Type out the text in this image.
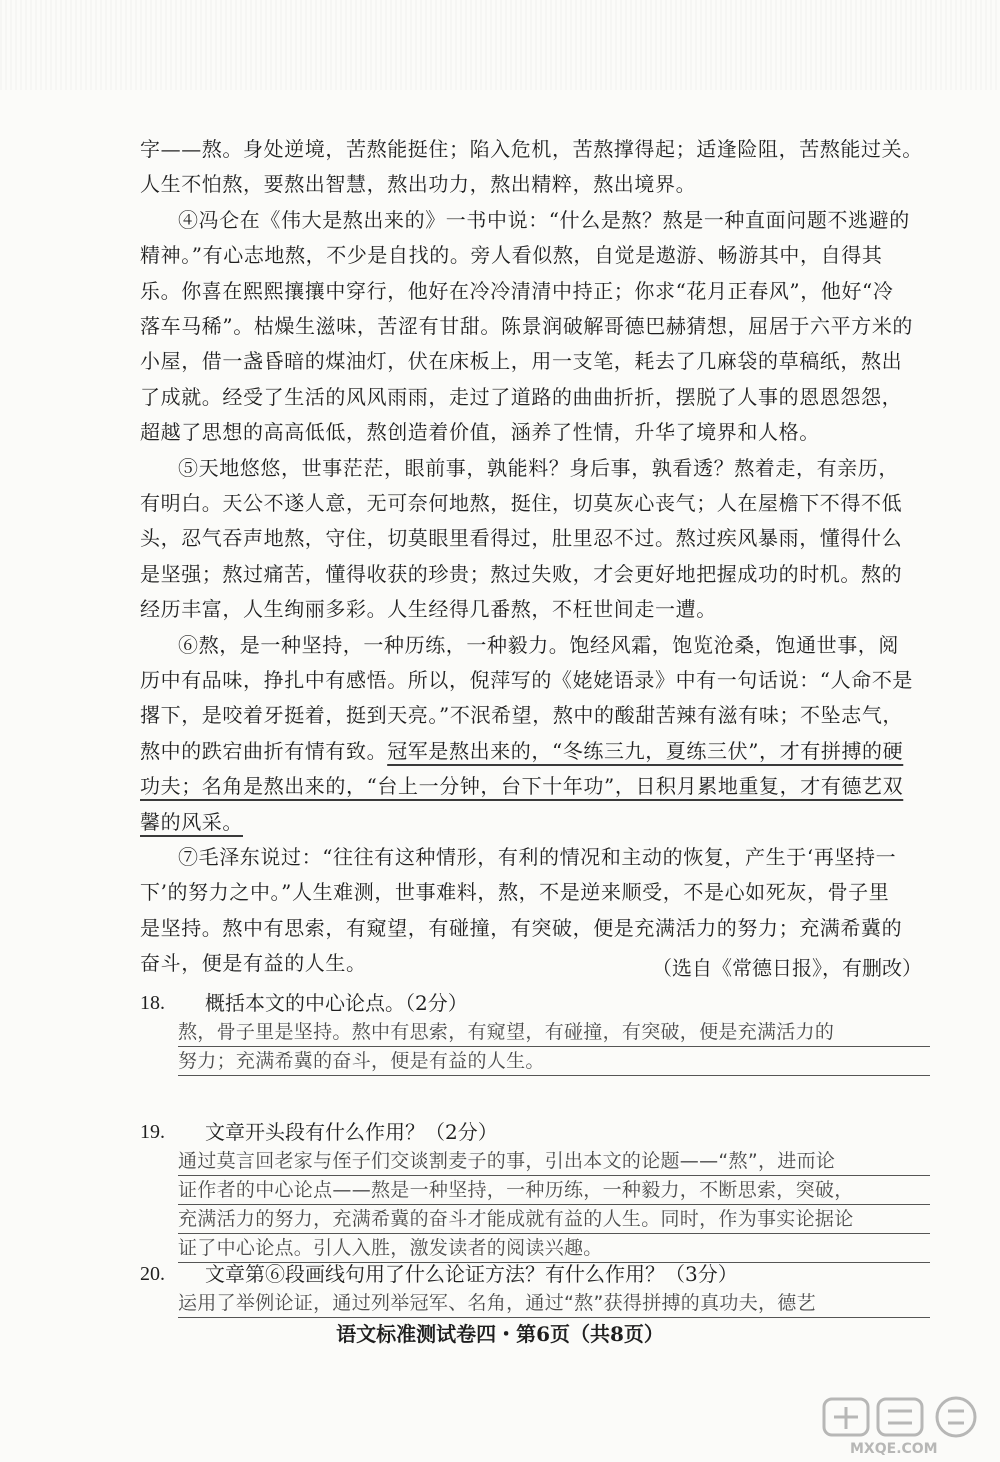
字——熬。身处逆境，苦熬能挺住；陷入危机，苦熬撑得起；适逢险阻，苦熬能过关。
人生不怕熬，要熬出智慧，熬出功力，熬出精粹，熬出境界。
④冯仑在《伟大是熬出来的》一书中说：“什么是熬？熬是一种直面问题不逃避的
精神。”有心志地熬，不少是自找的。旁人看似熬，自觉是遨游、畅游其中，自得其
乐。你喜在熙熙攘攘中穿行，他好在冷冷清清中持正；你求“花月正春风”，他好“冷
落车马稀”。枯燥生滋味，苦涩有甘甜。陈景润破解哥德巴赫猜想，屈居于六平方米的
小屋，借一盏昏暗的煤油灯，伏在床板上，用一支笔，耗去了几麻袋的草稿纸，熬出
了成就。经受了生活的风风雨雨，走过了道路的曲曲折折，摆脱了人事的恩恩怨怨，
超越了思想的高高低低，熬创造着价值，涵养了性情，升华了境界和人格。
⑤天地悠悠，世事茫茫，眼前事，孰能料？身后事，孰看透？熬着走，有亲历，
有明白。天公不遂人意，无可奈何地熬，挺住，切莫灰心丧气；人在屋檐下不得不低
头，忍气吞声地熬，守住，切莫眼里看得过，肚里忍不过。熬过疾风暴雨，懂得什么
是坚强；熬过痛苦，懂得收获的珍贵；熬过失败，才会更好地把握成功的时机。熬的
经历丰富，人生绚丽多彩。人生经得几番熬，不枉世间走一遭。
⑥熬，是一种坚持，一种历练，一种毅力。饱经风霜，饱览沧桑，饱通世事，阅
历中有品味，挣扎中有感悟。所以，倪萍写的《姥姥语录》中有一句话说：“人命不是
撂下，是咬着牙挺着，挺到天亮。”不泯希望，熬中的酸甜苦辣有滋有味；不坠志气，
熬中的跌宕曲折有情有致。冠军是熬出来的，“冬练三九，夏练三伏”，才有拼搏的硬
功夫；名角是熬出来的，“台上一分钟，台下十年功”，日积月累地重复，才有德艺双
馨的风采。
⑦毛泽东说过：“往往有这种情形，有利的情况和主动的恢复，产生于‘再坚持一
下’的努力之中。”人生难测，世事难料，熬，不是逆来顺受，不是心如死灰，骨子里
是坚持。熬中有思索，有窥望，有碰撞，有突破，便是充满活力的努力；充满希冀的
奋斗，便是有益的人生。	（选自《常德日报》，有删改）
18. 概括本文的中心论点。（2分）
熬，骨子里是坚持。熬中有思索，有窥望，有碰撞，有突破，便是充满活力的
努力；充满希冀的奋斗，便是有益的人生。
19. 文章开头段有什么作用？（2分）
通过莫言回老家与侄子们交谈割麦子的事，引出本文的论题——“熬”，进而论
证作者的中心论点——熬是一种坚持，一种历练，一种毅力，不断思索，突破，
充满活力的努力，充满希冀的奋斗才能成就有益的人生。同时，作为事实论据论
证了中心论点。引人入胜，激发读者的阅读兴趣。
20. 文章第⑥段画线句用了什么论证方法？有什么作用？（3分）
运用了举例论证，通过列举冠军、名角，通过“熬”获得拼搏的真功夫，德艺
语文标准测试卷四・第6页（共8页）
MXQE.COM
